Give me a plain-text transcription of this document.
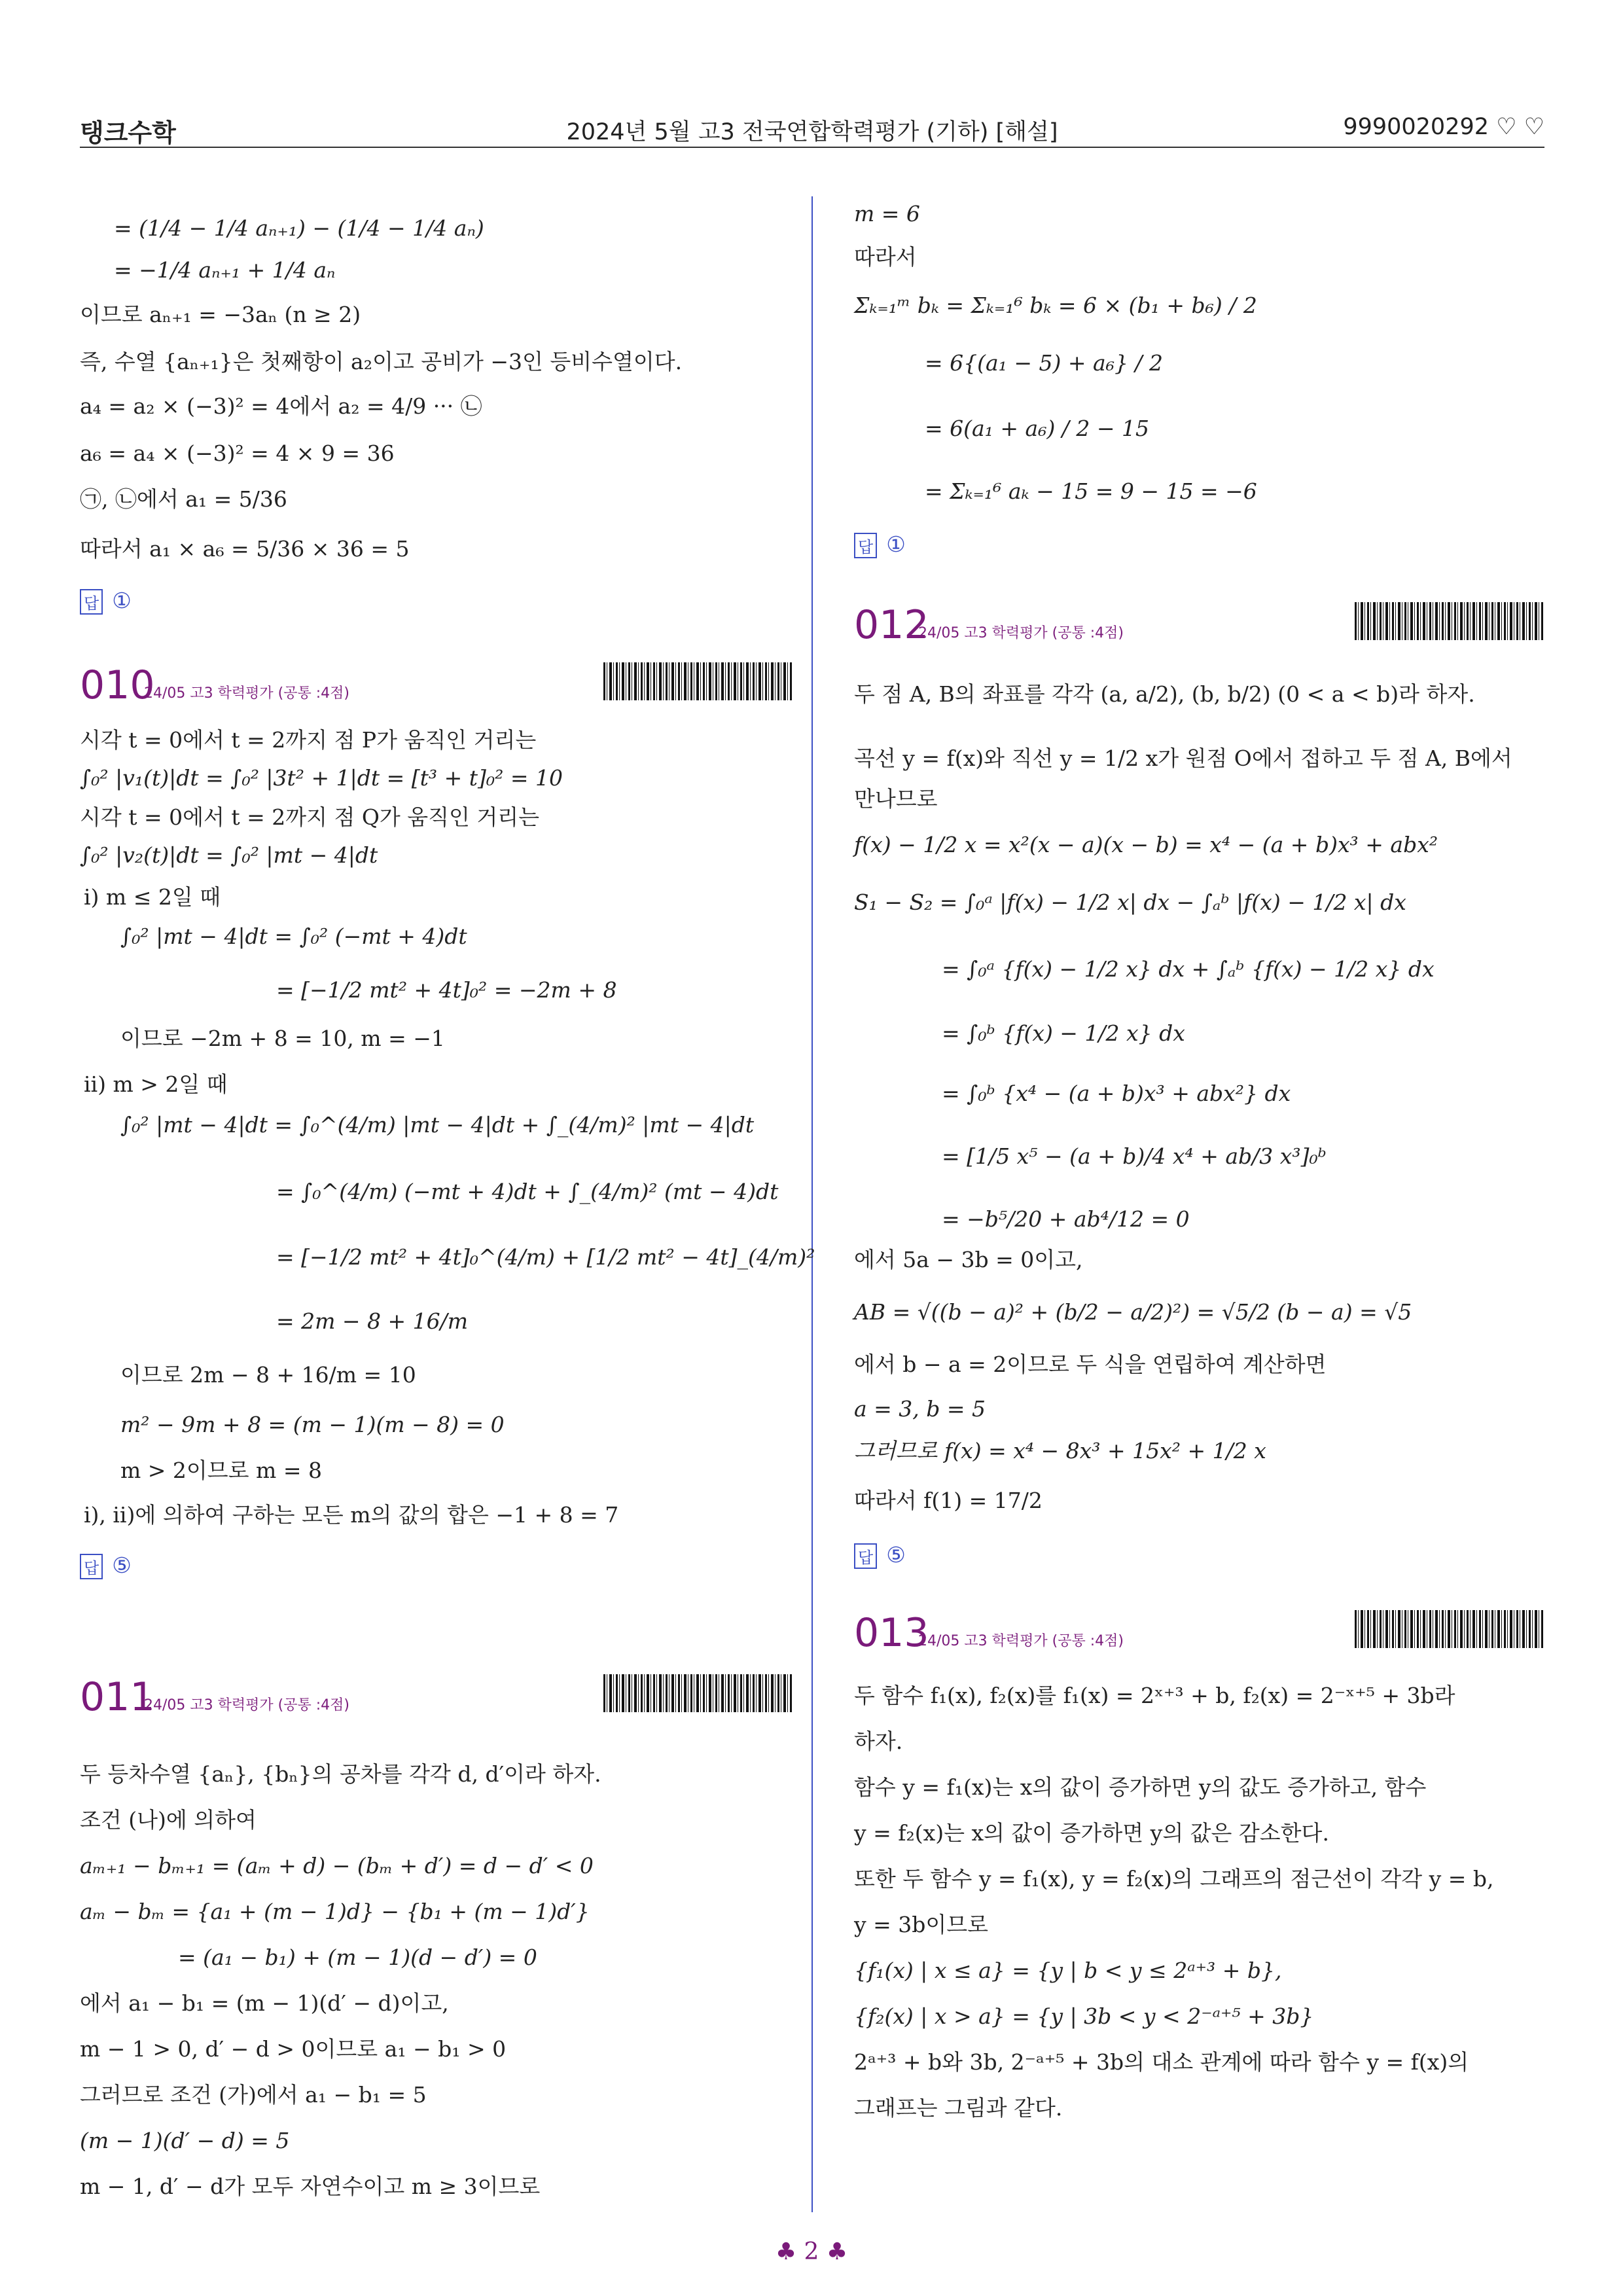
탱크수학	2024년 5월 고3 전국연합학력평가 (기하) [해설]	9990020292 ♡ ♡
= (1/4 − 1/4 aₙ₊₁) − (1/4 − 1/4 aₙ)
= −1/4 aₙ₊₁ + 1/4 aₙ
이므로 aₙ₊₁ = −3aₙ (n ≥ 2)
즉, 수열 {aₙ₊₁}은 첫째항이 a₂이고 공비가 −3인 등비수열이다.
a₄ = a₂ × (−3)² = 4에서 a₂ = 4/9 ··· ㉡
a₆ = a₄ × (−3)² = 4 × 9 = 36
㉠, ㉡에서 a₁ = 5/36
따라서 a₁ × a₆ = 5/36 × 36 = 5
답 ①
010
24/05 고3 학력평가 (공통 :4점)
시각 t = 0에서 t = 2까지 점 P가 움직인 거리는
∫₀² |v₁(t)|dt = ∫₀² |3t² + 1|dt = [t³ + t]₀² = 10
시각 t = 0에서 t = 2까지 점 Q가 움직인 거리는
∫₀² |v₂(t)|dt = ∫₀² |mt − 4|dt
ⅰ) m ≤ 2일 때
∫₀² |mt − 4|dt = ∫₀² (−mt + 4)dt
= [−1/2 mt² + 4t]₀² = −2m + 8
이므로 −2m + 8 = 10, m = −1
ⅱ) m > 2일 때
∫₀² |mt − 4|dt = ∫₀^(4/m) |mt − 4|dt + ∫_(4/m)² |mt − 4|dt
= ∫₀^(4/m) (−mt + 4)dt + ∫_(4/m)² (mt − 4)dt
= [−1/2 mt² + 4t]₀^(4/m) + [1/2 mt² − 4t]_(4/m)²
= 2m − 8 + 16/m
이므로 2m − 8 + 16/m = 10
m² − 9m + 8 = (m − 1)(m − 8) = 0
m > 2이므로 m = 8
ⅰ), ⅱ)에 의하여 구하는 모든 m의 값의 합은 −1 + 8 = 7
답 ⑤
011
24/05 고3 학력평가 (공통 :4점)
두 등차수열 {aₙ}, {bₙ}의 공차를 각각 d, d′이라 하자.
조건 (나)에 의하여
aₘ₊₁ − bₘ₊₁ = (aₘ + d) − (bₘ + d′) = d − d′ < 0
aₘ − bₘ = {a₁ + (m − 1)d} − {b₁ + (m − 1)d′}
= (a₁ − b₁) + (m − 1)(d − d′) = 0
에서 a₁ − b₁ = (m − 1)(d′ − d)이고,
m − 1 > 0, d′ − d > 0이므로 a₁ − b₁ > 0
그러므로 조건 (가)에서 a₁ − b₁ = 5
(m − 1)(d′ − d) = 5
m − 1, d′ − d가 모두 자연수이고 m ≥ 3이므로
m = 6
따라서
Σₖ₌₁ᵐ bₖ = Σₖ₌₁⁶ bₖ = 6 × (b₁ + b₆) / 2
= 6{(a₁ − 5) + a₆} / 2
= 6(a₁ + a₆) / 2 − 15
= Σₖ₌₁⁶ aₖ − 15 = 9 − 15 = −6
답 ①
012
24/05 고3 학력평가 (공통 :4점)
두 점 A, B의 좌표를 각각 (a, a/2), (b, b/2) (0 < a < b)라 하자.
곡선 y = f(x)와 직선 y = 1/2 x가 원점 O에서 접하고 두 점 A, B에서
만나므로
f(x) − 1/2 x = x²(x − a)(x − b) = x⁴ − (a + b)x³ + abx²
S₁ − S₂ = ∫₀ᵃ |f(x) − 1/2 x| dx − ∫ₐᵇ |f(x) − 1/2 x| dx
= ∫₀ᵃ {f(x) − 1/2 x} dx + ∫ₐᵇ {f(x) − 1/2 x} dx
= ∫₀ᵇ {f(x) − 1/2 x} dx
= ∫₀ᵇ {x⁴ − (a + b)x³ + abx²} dx
= [1/5 x⁵ − (a + b)/4 x⁴ + ab/3 x³]₀ᵇ
= −b⁵/20 + ab⁴/12 = 0
에서 5a − 3b = 0이고,
AB = √((b − a)² + (b/2 − a/2)²) = √5/2 (b − a) = √5
에서 b − a = 2이므로 두 식을 연립하여 계산하면
a = 3, b = 5
그러므로 f(x) = x⁴ − 8x³ + 15x² + 1/2 x
따라서 f(1) = 17/2
답 ⑤
013
24/05 고3 학력평가 (공통 :4점)
두 함수 f₁(x), f₂(x)를 f₁(x) = 2ˣ⁺³ + b, f₂(x) = 2⁻ˣ⁺⁵ + 3b라
하자.
함수 y = f₁(x)는 x의 값이 증가하면 y의 값도 증가하고, 함수
y = f₂(x)는 x의 값이 증가하면 y의 값은 감소한다.
또한 두 함수 y = f₁(x), y = f₂(x)의 그래프의 점근선이 각각 y = b,
y = 3b이므로
{f₁(x) | x ≤ a} = {y | b < y ≤ 2ᵃ⁺³ + b},
{f₂(x) | x > a} = {y | 3b < y < 2⁻ᵃ⁺⁵ + 3b}
2ᵃ⁺³ + b와 3b, 2⁻ᵃ⁺⁵ + 3b의 대소 관계에 따라 함수 y = f(x)의
그래프는 그림과 같다.
♣ 2 ♣
